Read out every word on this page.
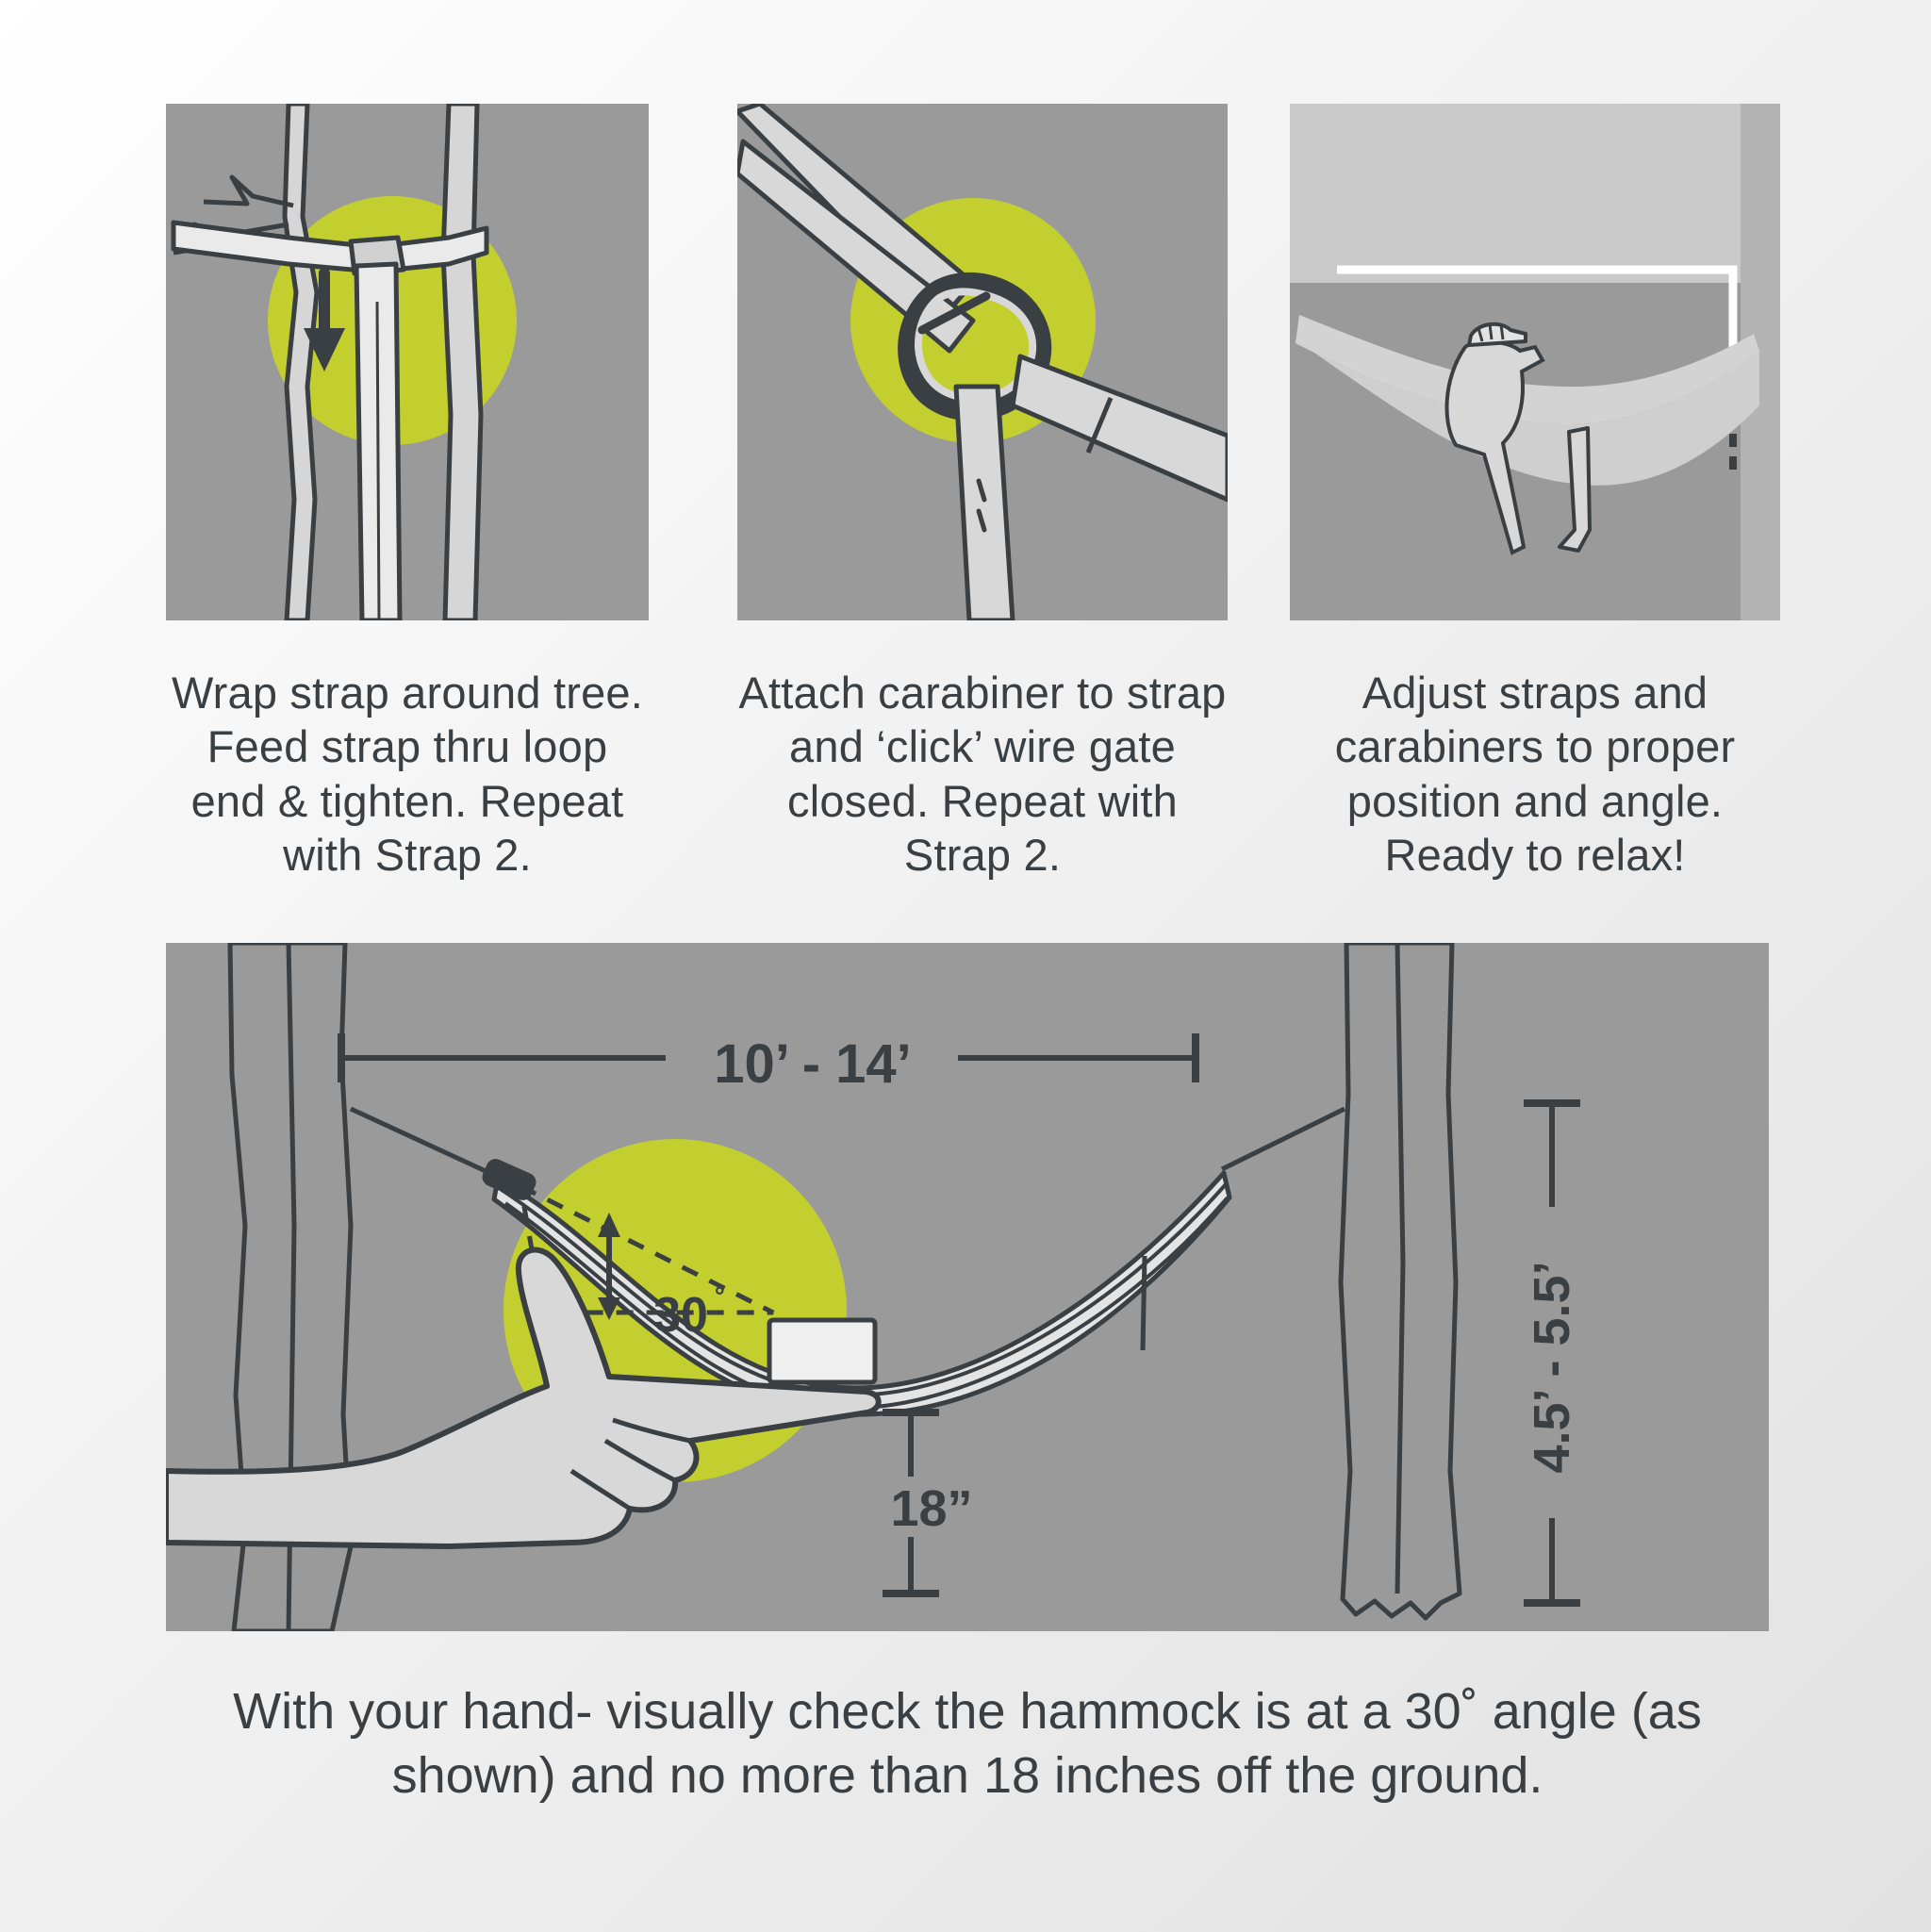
Wrap strap around tree. Feed strap thru loop end & tighten. Repeat with Strap 2.
Attach carabiner to strap and ‘click’ wire gate closed. Repeat with Strap 2.
Adjust straps and carabiners to proper position and angle. Ready to relax!
10’ - 14’
18”
4.5’ - 5.5’
30 ˚
With your hand- visually check the hammock is at a 30˚ angle (as shown) and no more than 18 inches off the ground.
